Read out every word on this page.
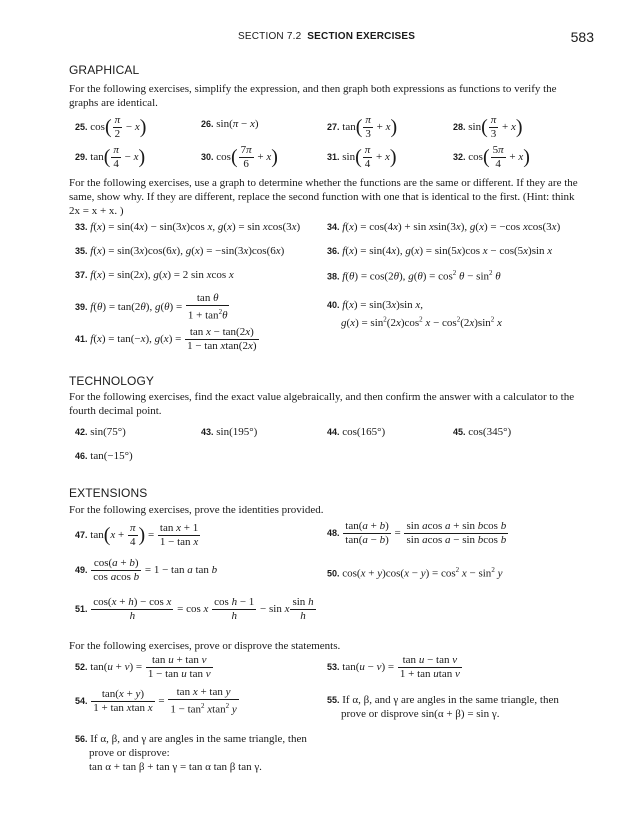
SECTION 7.2 SECTION EXERCISES	583
GRAPHICAL
For the following exercises, simplify the expression, and then graph both expressions as functions to verify the graphs are identical.
25. $\cos( \frac{\pi}{2} - x)$	26. sin(π − x)	27. $\tan( \frac{\pi}{3} + x)$	28. $\sin( \frac{\pi}{3} + x)$
29. $\tan( \frac{\pi}{4} - x)$	30. $\cos( \frac{7\pi}{6} + x)$	31. $\sin( \frac{\pi}{4} + x)$	32. $\cos( \frac{5\pi}{4} + x)$
For the following exercises, use a graph to determine whether the functions are the same or different. If they are the same, show why. If they are different, replace the second function with one that is identical to the first. (Hint: think 2x = x + x. )
33. f(x) = sin(4x) − sin(3x)cos x, g(x) = sin xcos(3x)	34. f(x) = cos(4x) + sin xsin(3x), g(x) = −cos xcos(3x)
35. f(x) = sin(3x)cos(6x), g(x) = −sin(3x)cos(6x)	36. f(x) = sin(4x), g(x) = sin(5x)cos x − cos(5x)sin x
37. f(x) = sin(2x), g(x) = 2 sin xcos x	38. f(θ) = cos(2θ), $g(\theta) = \cos^2 \theta - \sin^2 \theta$
39. f(θ) = tan(2θ), $g(\theta) = \frac{\text{tan θ}}{1 + \tan^2\theta}$	40. f(x) = sin(3x)sin x,
$g(x) = \sin^2(2x)\cos^2$ $x - \cos^2(2x)\sin^2$ x
41. f(x) = tan(−x), $g(x) = \frac{\text{tan x − tan(2x)}}{\text{1 − tan xtan(2x)}}$
TECHNOLOGY
For the following exercises, find the exact value algebraically, and then confirm the answer with a calculator to the fourth decimal point.
42. sin(75°)	43. sin(195°)	44. cos(165°)	45. cos(345°)
46. tan(−15°)
EXTENSIONS
For the following exercises, prove the identities provided.
47. $\tan(x + \frac{\pi}{4}$ ) = $\frac{\text{tan x + 1}}{\text{1 − tan x}}$	48. $\frac{\tan(a + b)}{\tan(a - b)} = \frac{\text{sin acos a + sin bcos b}}{\text{sin acos a − sin bcos b}}$
49. $\frac{\cos(a + b)}{\text{cos acos b}} = 1 - \tan a$ tan b	50. $\cos(x + y)\cos(x - y) = \cos^2 x - \sin^2 y$
51. $\frac{\text{cos(x + h) − cos x}}{h} = \cos x \frac{\text{cos h − 1}}{h} - \sin x \frac{\text{sin h}}{h}$
For the following exercises, prove or disprove the statements.
52. $\tan(u + v) = \frac{\text{tan u + tan v}}{\text{1 − tan u tan v}}$	53. $\tan(u - v) = \frac{\text{tan u − tan v}}{\text{1 + tan utan v}}$
54. $\frac{\tan(x + y)}{\text{1 + tan xtan x}} = \frac{\text{tan x + tan y}}{1 - \tan^2 xtan^2 y}$	55. If α, β, and γ are angles in the same triangle, then
prove or disprove sin(α + β) = sin γ.
56. If α, β, and γ are angles in the same triangle, then
prove or disprove:
tan α + tan β + tan γ = tan α tan β tan γ.
